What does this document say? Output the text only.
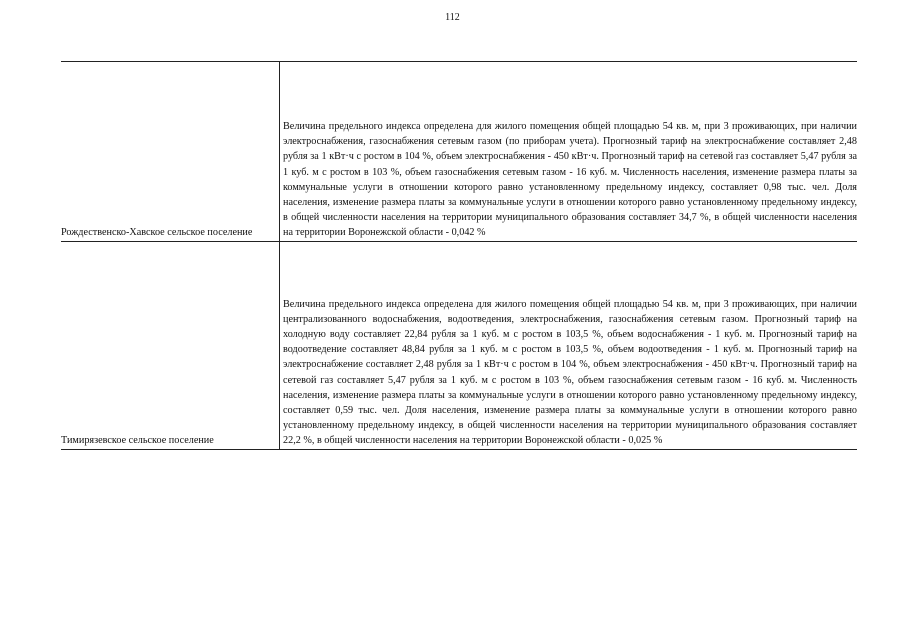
112
Рождественско-Хавское сельское поселение	Величина предельного индекса определена для жилого помещения общей площадью 54 кв. м, при 3 проживающих, при наличии электроснабжения, газоснабжения сетевым газом (по приборам учета). Прогнозный тариф на электроснабжение составляет 2,48 рубля за 1 кВт·ч с ростом в 104 %, объем электроснабжения - 450 кВт·ч. Прогнозный тариф на сетевой газ составляет 5,47 рубля за 1 куб. м с ростом в 103 %, объем газоснабжения сетевым газом - 16 куб. м. Численность населения, изменение размера платы за коммунальные услуги в отношении которого равно установленному предельному индексу, составляет 0,98 тыс. чел. Доля населения, изменение размера платы за коммунальные услуги в отношении которого равно установленному предельному индексу, в общей численности населения на территории муниципального образования составляет 34,7 %, в общей численности населения на территории Воронежской области - 0,042 %
Тимирязевское сельское поселение	Величина предельного индекса определена для жилого помещения общей площадью 54 кв. м, при 3 проживающих, при наличии централизованного водоснабжения, водоотведения, электроснабжения, газоснабжения сетевым газом. Прогнозный тариф на холодную воду составляет 22,84 рубля за 1 куб. м с ростом в 103,5 %, объем водоснабжения - 1 куб. м. Прогнозный тариф на водоотведение составляет 48,84 рубля за 1 куб. м с ростом в 103,5 %, объем водоотведения - 1 куб. м. Прогнозный тариф на электроснабжение составляет 2,48 рубля за 1 кВт·ч с ростом в 104 %, объем электроснабжения - 450 кВт·ч. Прогнозный тариф на сетевой газ составляет 5,47 рубля за 1 куб. м с ростом в 103 %, объем газоснабжения сетевым газом - 16 куб. м. Численность населения, изменение размера платы за коммунальные услуги в отношении которого равно установленному предельному индексу, составляет 0,59 тыс. чел. Доля населения, изменение размера платы за коммунальные услуги в отношении которого равно установленному предельному индексу, в общей численности населения на территории муниципального образования составляет 22,2 %, в общей численности населения на территории Воронежской области - 0,025 %
